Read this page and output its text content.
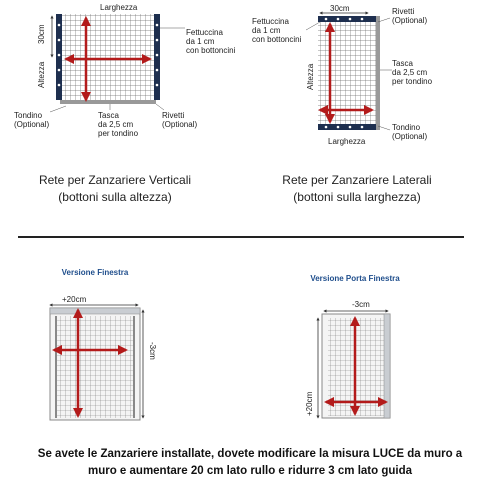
Larghezza
30cm
Altezza
Fettuccina
da 1 cm
con bottoncini
Tondino
(Optional)
Tasca
da 2,5 cm
per tondino
Rivetti
(Optional)
30cm
Fettuccina
da 1 cm
con bottoncini
Rivetti
(Optional)
Altezza
Tasca
da 2,5 cm
per tondino
Tondino
(Optional)
Larghezza
+20cm
-3cm
-3cm
+20cm
Rete per Zanzariere Verticali
(bottoni sulla altezza)
Rete per Zanzariere Laterali
(bottoni sulla larghezza)
Versione Finestra
Versione Porta Finestra
Se avete le Zanzariere installate, dovete modificare la misura LUCE da muro a
muro e aumentare 20 cm lato rullo e ridurre 3 cm lato guida
